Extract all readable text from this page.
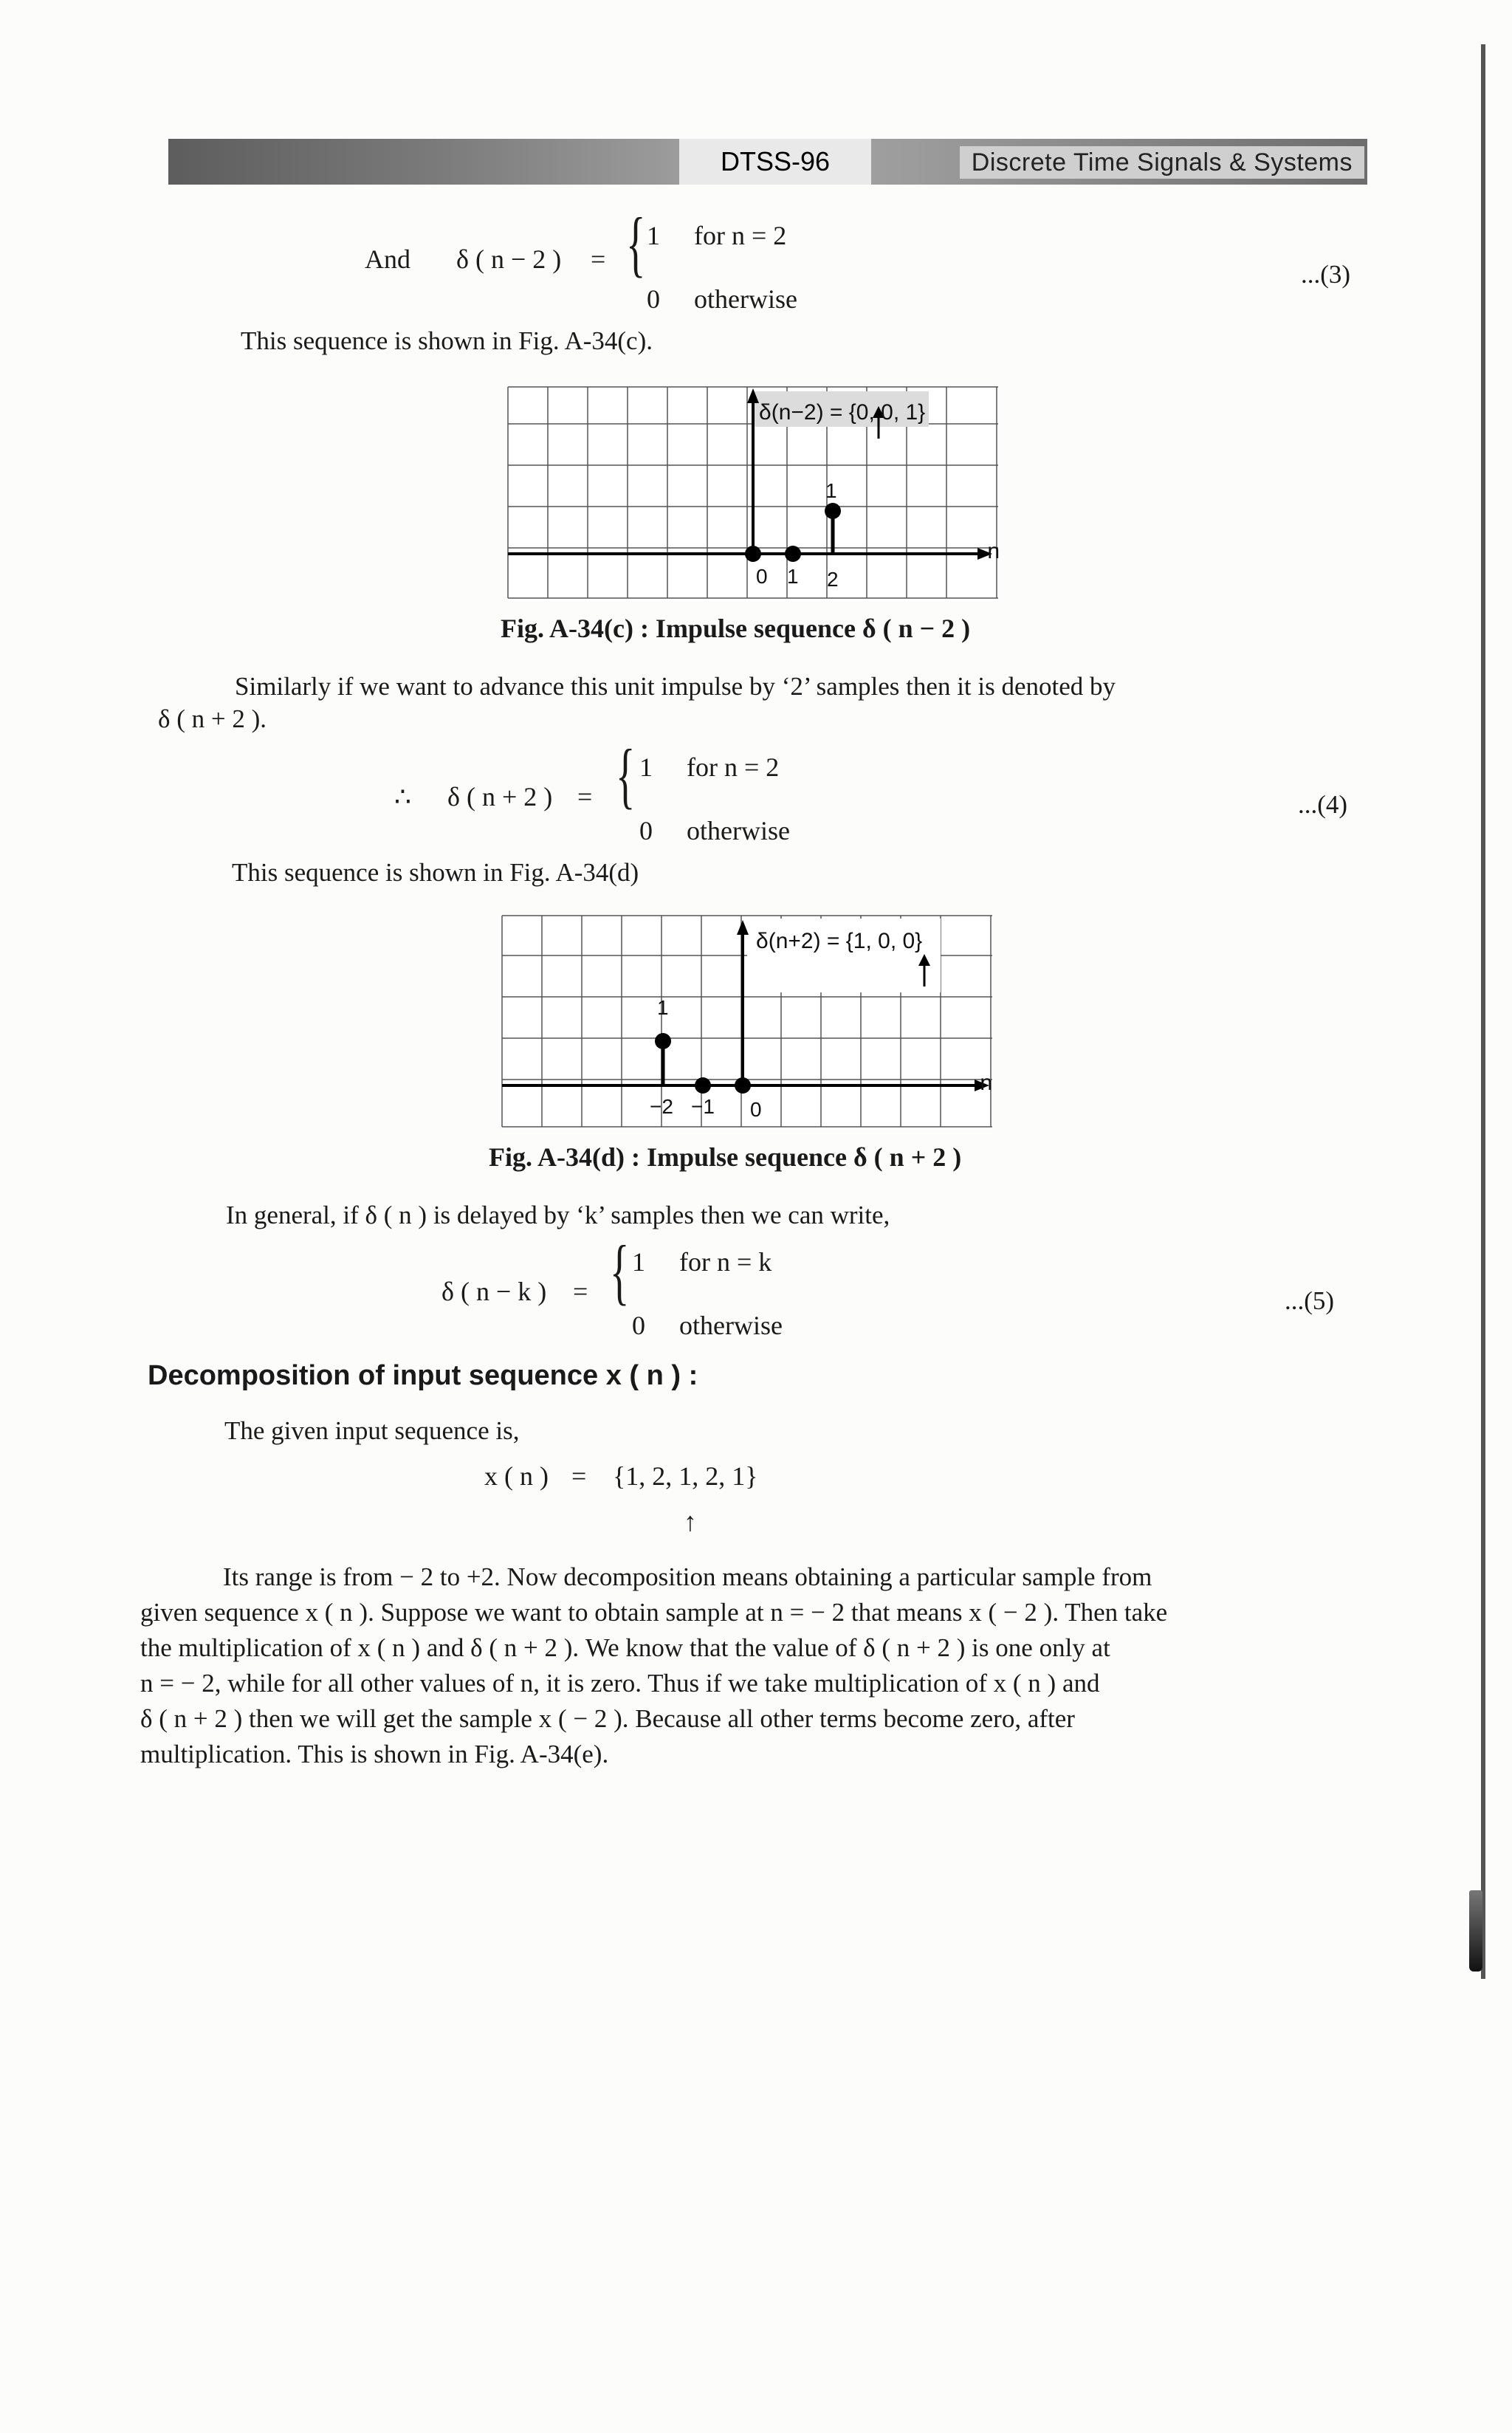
DTSS-96	Discrete Time Signals & Systems
And δ ( n − 2 ) = { 1 for n = 2
0 otherwise
...(3)
This sequence is shown in Fig. A-34(c).
δ(n−2) = {0, 0, 1}
1
0 1 2
n
Fig. A-34(c) : Impulse sequence δ ( n − 2 )
Similarly if we want to advance this unit impulse by ‘2’ samples then it is denoted by
δ ( n + 2 ).
∴ δ ( n + 2 ) = { 1 for n = 2
0 otherwise
...(4)
This sequence is shown in Fig. A-34(d)
δ(n+2) = {1, 0, 0}
1
−2 −1 0
n
Fig. A-34(d) : Impulse sequence δ ( n + 2 )
In general, if δ ( n ) is delayed by ‘k’ samples then we can write,
δ ( n − k ) = { 1 for n = k
0 otherwise
...(5)
Decomposition of input sequence x ( n ) :
The given input sequence is,
x ( n ) = {1, 2, 1, 2, 1}
↑
Its range is from − 2 to +2. Now decomposition means obtaining a particular sample from
given sequence x ( n ). Suppose we want to obtain sample at n = − 2 that means x ( − 2 ). Then take
the multiplication of x ( n ) and δ ( n + 2 ). We know that the value of δ ( n + 2 ) is one only at
n = − 2, while for all other values of n, it is zero. Thus if we take multiplication of x ( n ) and
δ ( n + 2 ) then we will get the sample x ( − 2 ). Because all other terms become zero, after
multiplication. This is shown in Fig. A-34(e).
